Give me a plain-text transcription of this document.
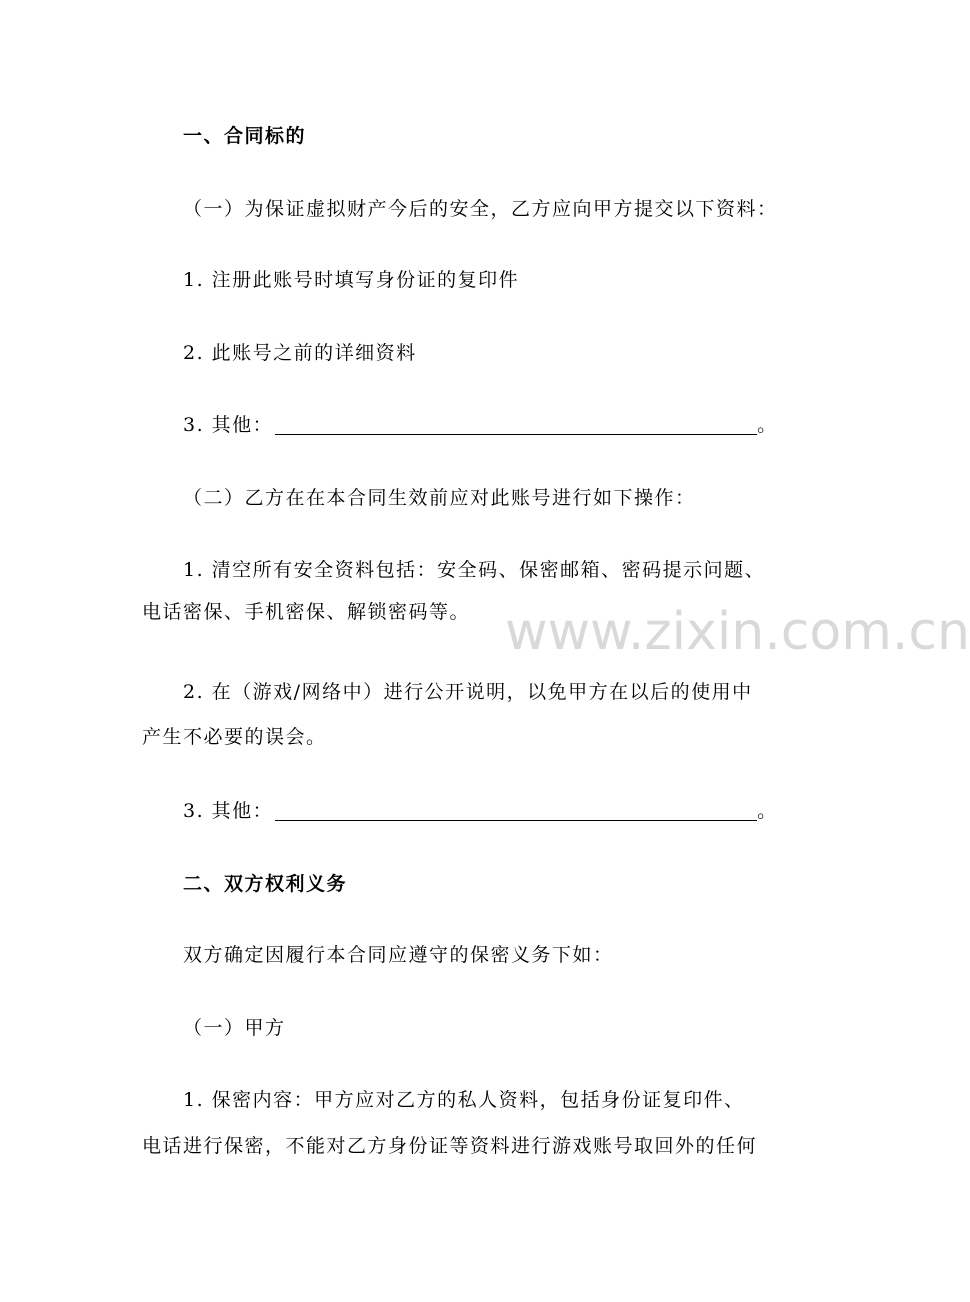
www.zixin.com.cn
一、合同标的
（一）为保证虚拟财产今后的安全，乙方应向甲方提交以下资料：
1. 注册此账号时填写身份证的复印件
2. 此账号之前的详细资料
3. 其他：	。
（二）乙方在在本合同生效前应对此账号进行如下操作：
1. 清空所有安全资料包括：安全码、保密邮箱、密码提示问题、
电话密保、手机密保、解锁密码等。
2. 在（游戏/网络中）进行公开说明，以免甲方在以后的使用中
产生不必要的误会。
3. 其他：	。
二、双方权利义务
双方确定因履行本合同应遵守的保密义务下如：
（一）甲方
1. 保密内容：甲方应对乙方的私人资料，包括身份证复印件、
电话进行保密，不能对乙方身份证等资料进行游戏账号取回外的任何
